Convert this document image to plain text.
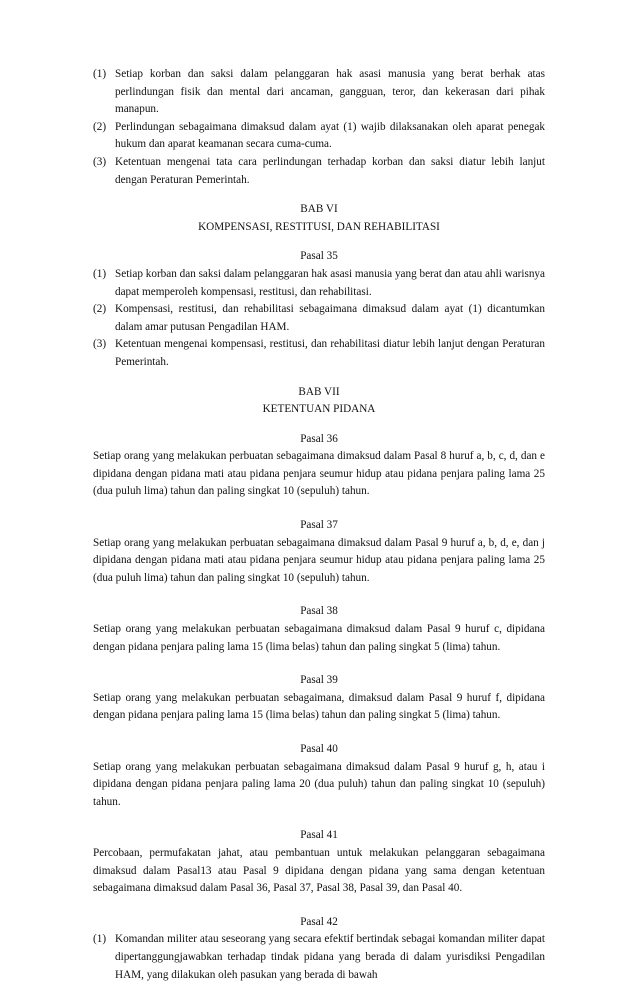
(1) Setiap korban dan saksi dalam pelanggaran hak asasi manusia yang berat berhak atas perlindungan fisik dan mental dari ancaman, gangguan, teror, dan kekerasan dari pihak manapun.
(2) Perlindungan sebagaimana dimaksud dalam ayat (1) wajib dilaksanakan oleh aparat penegak hukum dan aparat keamanan secara cuma-cuma.
(3) Ketentuan mengenai tata cara perlindungan terhadap korban dan saksi diatur lebih lanjut dengan Peraturan Pemerintah.
BAB VI
KOMPENSASI, RESTITUSI, DAN REHABILITASI
Pasal 35
(1) Setiap korban dan saksi dalam pelanggaran hak asasi manusia yang berat dan atau ahli warisnya dapat memperoleh kompensasi, restitusi, dan rehabilitasi.
(2) Kompensasi, restitusi, dan rehabilitasi sebagaimana dimaksud dalam ayat (1) dicantumkan dalam amar putusan Pengadilan HAM.
(3) Ketentuan mengenai kompensasi, restitusi, dan rehabilitasi diatur lebih lanjut dengan Peraturan Pemerintah.
BAB VII
KETENTUAN PIDANA
Pasal 36
Setiap orang yang melakukan perbuatan sebagaimana dimaksud dalam Pasal 8 huruf a, b, c, d, dan e dipidana dengan pidana mati atau pidana penjara seumur hidup atau pidana penjara paling lama 25 (dua puluh lima) tahun dan paling singkat 10 (sepuluh) tahun.
Pasal 37
Setiap orang yang melakukan perbuatan sebagaimana dimaksud dalam Pasal 9 huruf a, b, d, e, dan j dipidana dengan pidana mati atau pidana penjara seumur hidup atau pidana penjara paling lama 25 (dua puluh lima) tahun dan paling singkat 10 (sepuluh) tahun.
Pasal 38
Setiap orang yang melakukan perbuatan sebagaimana dimaksud dalam Pasal 9 huruf c, dipidana dengan pidana penjara paling lama 15 (lima belas) tahun dan paling singkat 5 (lima) tahun.
Pasal 39
Setiap orang yang melakukan perbuatan sebagaimana, dimaksud dalam Pasal 9 huruf f, dipidana dengan pidana penjara paling lama 15 (lima belas) tahun dan paling singkat 5 (lima) tahun.
Pasal 40
Setiap orang yang melakukan perbuatan sebagaimana dimaksud dalam Pasal 9 huruf g, h, atau i dipidana dengan pidana penjara paling lama 20 (dua puluh) tahun dan paling singkat 10 (sepuluh) tahun.
Pasal 41
Percobaan, permufakatan jahat, atau pembantuan untuk melakukan pelanggaran sebagaimana dimaksud dalam Pasal13 atau Pasal 9 dipidana dengan pidana yang sama dengan ketentuan sebagaimana dimaksud dalam Pasal 36, Pasal 37, Pasal 38, Pasal 39, dan Pasal 40.
Pasal 42
(1) Komandan militer atau seseorang yang secara efektif bertindak sebagai komandan militer dapat dipertanggungjawabkan terhadap tindak pidana yang berada di dalam yurisdiksi Pengadilan HAM, yang dilakukan oleh pasukan yang berada di bawah
